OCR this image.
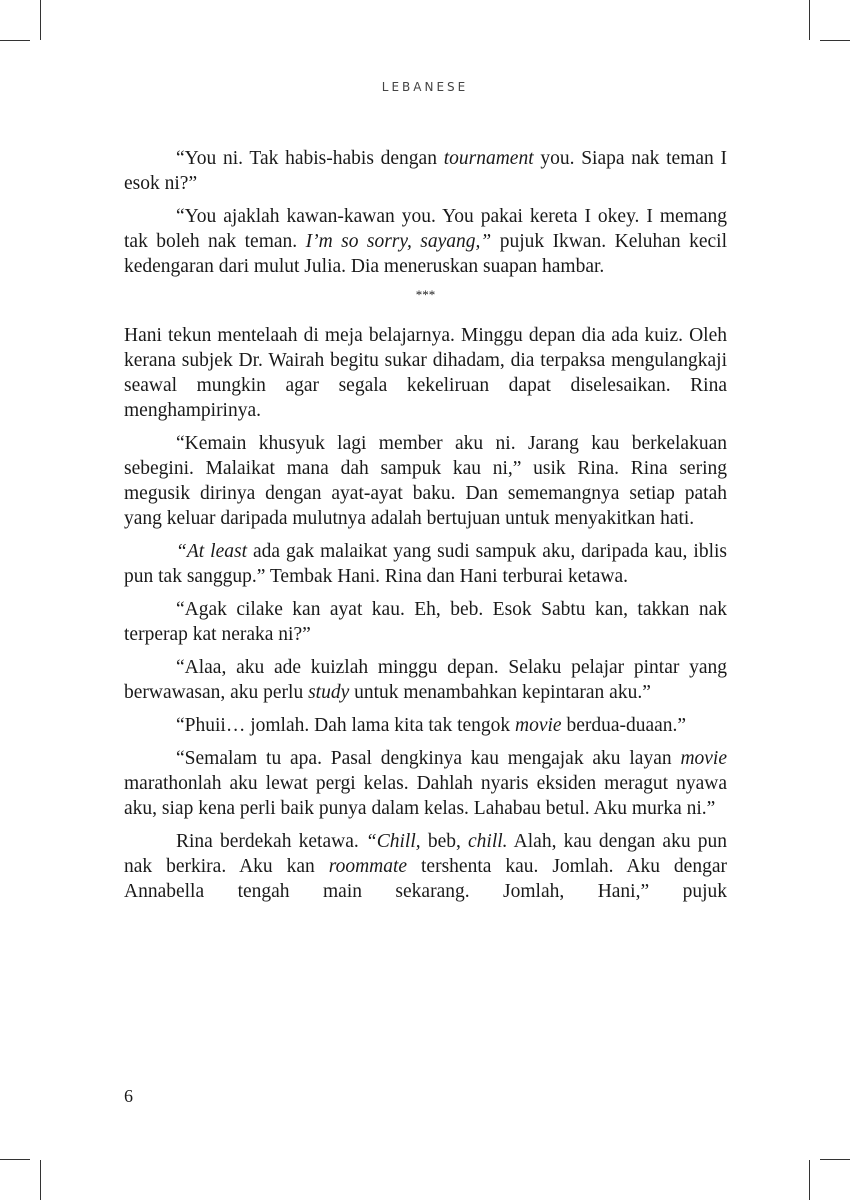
LEBANESE

“You ni. Tak habis-habis dengan tournament you. Siapa nak teman I esok ni?”

“You ajaklah kawan-kawan you. You pakai kereta I okey. I memang tak boleh nak teman. I’m so sorry, sayang,” pujuk Ikwan. Keluhan kecil kedengaran dari mulut Julia. Dia meneruskan suapan hambar.

***

Hani tekun mentelaah di meja belajarnya. Minggu depan dia ada kuiz. Oleh kerana subjek Dr. Wairah begitu sukar dihadam, dia terpaksa mengulangkaji seawal mungkin agar segala kekeliruan dapat diselesaikan. Rina menghampirinya.

“Kemain khusyuk lagi member aku ni. Jarang kau berkelakuan sebegini. Malaikat mana dah sampuk kau ni,” usik Rina. Rina sering megusik dirinya dengan ayat-ayat baku. Dan sememangnya setiap patah yang keluar daripada mulutnya adalah bertujuan untuk menyakitkan hati.

“At least ada gak malaikat yang sudi sampuk aku, daripada kau, iblis pun tak sanggup.” Tembak Hani. Rina dan Hani terburai ketawa.

“Agak cilake kan ayat kau. Eh, beb. Esok Sabtu kan, takkan nak terperap kat neraka ni?”

“Alaa, aku ade kuizlah minggu depan. Selaku pelajar pintar yang berwawasan, aku perlu study untuk menambahkan kepintaran aku.”

“Phuii… jomlah. Dah lama kita tak tengok movie berdua-duaan.”

“Semalam tu apa. Pasal dengkinya kau mengajak aku layan movie marathonlah aku lewat pergi kelas. Dahlah nyaris eksiden meragut nyawa aku, siap kena perli baik punya dalam kelas. Lahabau betul. Aku murka ni.”

Rina berdekah ketawa. “Chill, beb, chill. Alah, kau dengan aku pun nak berkira. Aku kan roommate tershenta kau. Jomlah. Aku dengar Annabella tengah main sekarang. Jomlah, Hani,” pujuk

6
